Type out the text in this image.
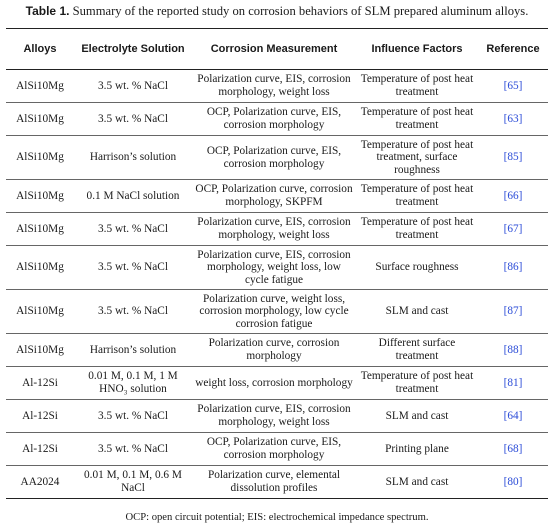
Table 1. Summary of the reported study on corrosion behaviors of SLM prepared aluminum alloys.
Alloys	Electrolyte Solution	Corrosion Measurement	Influence Factors	Reference
AlSi10Mg	3.5 wt. % NaCl	Polarization curve, EIS, corrosion morphology, weight loss	Temperature of post heat treatment	[65]
AlSi10Mg	3.5 wt. % NaCl	OCP, Polarization curve, EIS, corrosion morphology	Temperature of post heat treatment	[63]
AlSi10Mg	Harrison’s solution	OCP, Polarization curve, EIS, corrosion morphology	Temperature of post heat treatment, surface roughness	[85]
AlSi10Mg	0.1 M NaCl solution	OCP, Polarization curve, corrosion morphology, SKPFM	Temperature of post heat treatment	[66]
AlSi10Mg	3.5 wt. % NaCl	Polarization curve, EIS, corrosion morphology, weight loss	Temperature of post heat treatment	[67]
AlSi10Mg	3.5 wt. % NaCl	Polarization curve, EIS, corrosion morphology, weight loss, low cycle fatigue	Surface roughness	[86]
AlSi10Mg	3.5 wt. % NaCl	Polarization curve, weight loss, corrosion morphology, low cycle corrosion fatigue	SLM and cast	[87]
AlSi10Mg	Harrison’s solution	Polarization curve, corrosion morphology	Different surface treatment	[88]
Al-12Si	0.01 M, 0.1 M, 1 M HNO₃ solution	weight loss, corrosion morphology	Temperature of post heat treatment	[81]
Al-12Si	3.5 wt. % NaCl	Polarization curve, EIS, corrosion morphology, weight loss	SLM and cast	[64]
Al-12Si	3.5 wt. % NaCl	OCP, Polarization curve, EIS, corrosion morphology	Printing plane	[68]
AA2024	0.01 M, 0.1 M, 0.6 M NaCl	Polarization curve, elemental dissolution profiles	SLM and cast	[80]
OCP: open circuit potential; EIS: electrochemical impedance spectrum.
